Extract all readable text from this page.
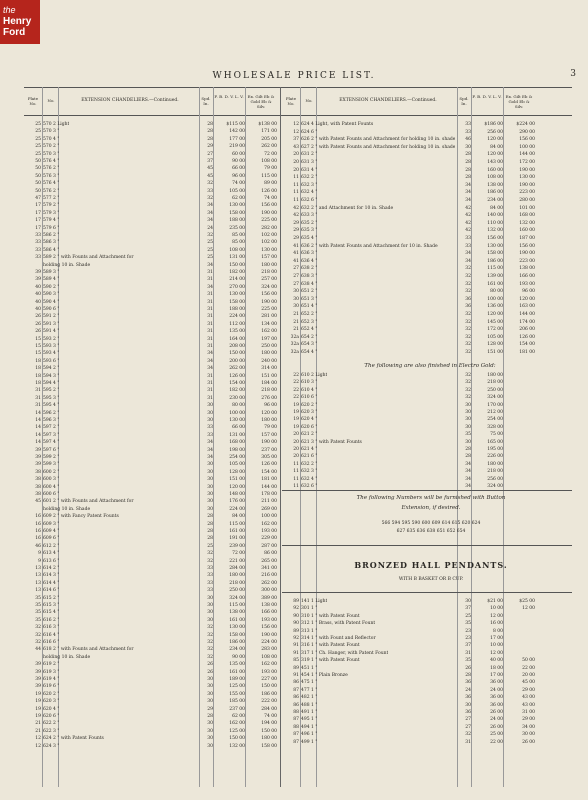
the
Henry
Ford
WHOLESALE PRICE LIST.	3
Plate No.
No.	EXTENSION CHANDELIERS.—Continued.	Spd. In.
F. B. D. V. L. V.	Ex. Gilt Eb & Gold Eb & Silv.
Plate No.
No.	EXTENSION CHANDELIERS.—Continued.	Spd. In.
F. B. D. V. L. V.	Ex. Gilt Eb & Gold Eb & Silv.
25 570 2 Light	28	$115 00	$138 00
25 570 3 "	28	142 00	171 00
25 570 4 "	28	177 00	205 00
25 570 2 "	29	219 00	262 00
25 570 3 "	27	60 00	72 00
50 576 4 "	37	90 00	108 00
50 576 2 "	45	66 00	79 00
50 576 3 "	45	96 00	115 00
50 576 4 "	32	74 00	89 00
50 576 2 "	33	105 00	126 00
47 577 2 "	32	62 00	74 00
17 579 2 "	34	130 00	156 00
17 579 3 "	34	158 00	190 00
17 579 4 "	34	188 00	225 00
17 579 6 "	24	235 00	282 00
33 586 2 "	32	85 00	102 00
33 586 3 "	25	85 00	102 00
33 586 4 "	25	108 00	130 00
33 589 2 " with Founts and Attachment for	25	131 00	157 00
holding 10 in. Shade	34	150 00	180 00
39 589 3 "	31	182 00	218 00
39 589 4 "	31	214 00	257 00
40 590 2 "	34	270 00	324 00
40 590 3 "	31	130 00	156 00
40 590 4 "	31	158 00	190 00
40 590 6 "	31	188 00	225 00
26 591 2 "	31	224 00	281 00
26 591 3 "	31	112 00	134 00
26 591 4 "	31	135 00	162 00
15 593 2 "	31	164 00	197 00
15 593 3 "	31	208 00	250 00
15 593 4 "	34	150 00	180 00
18 593 6 "	34	200 00	240 00
18 594 2 "	34	262 00	314 00
18 594 3 "	31	126 00	151 00
18 594 4 "	31	154 00	184 00
31 595 2 "	31	182 00	218 00
31 595 3 "	31	230 00	276 00
31 595 4 "	30	80 00	96 00
14 596 2 "	30	100 00	120 00
14 596 3 "	30	130 00	180 00
14 597 2 "	33	66 00	79 00
14 597 3 "	33	131 00	157 00
14 597 4 "	34	168 00	190 00
39 597 6 "	34	198 00	237 00
39 599 2 "	34	254 00	305 00
39 599 3 "	30	105 00	126 00
38 600 2 "	30	128 00	154 00
38 600 3 "	30	151 00	181 00
38 600 4 "	30	120 00	144 00
38 600 6 "	30	148 00	178 00
45 601 2 " with Founts and Attachment for	30	176 00	211 00
holding 10 in. Shade	30	224 00	269 00
16 609 2 " with Fancy Patent Founts	28	84 00	100 00
16 609 3 "	28	115 00	162 00
16 609 4 "	28	161 00	193 00
16 609 6 "	28	191 00	229 00
46 612 2 "	25	239 00	287 00
9 613 4 "	32	72 00	86 00
9 613 6 "	32	221 00	265 00
13 614 2 "	33	284 00	341 00
13 614 3 "	33	180 00	216 00
13 614 4 "	33	218 00	262 00
13 614 6 "	33	250 00	300 00
35 615 2 "	30	324 00	389 00
35 615 3 "	30	115 00	138 00
35 615 4 "	30	138 00	166 00
35 616 2 "	30	161 00	193 00
32 616 3 "	32	130 00	156 00
32 616 4 "	32	158 00	190 00
32 616 6 "	32	186 00	224 00
44 618 2 " with Founts and Attachment for	32	234 00	283 00
holding 10 in. Shade	32	90 00	108 00
39 619 2 "	26	135 00	162 00
39 619 3 "	26	161 00	193 00
39 619 4 "	30	189 00	227 00
39 619 6 "	30	125 00	150 00
19 620 2 "	30	155 00	186 00
19 620 3 "	30	185 00	222 00
19 620 4 "	29	237 00	284 00
19 620 6 "	28	62 00	74 00
21 622 2 "	30	162 00	194 00
21 622 3 "	30	125 00	150 00
12 624 2 " with Patent Founts	30	150 00	180 00
12 624 3 "	30	132 00	158 00
12 624 4 Light, with Patent Founts	33	$186 00	$224 00
12 624 6 "	33	256 00	290 00
37 626 2 " with Patent Founts and Attachment for holding 10 in. shade	46	120 00	156 00
43 627 2 " with Patent Founts and Attachment for holding 10 in. shade	30	84 00	100 00
20 631 2 "	28	120 00	144 00
20 631 3 "	28	143 00	172 00
20 631 4 "	28	160 00	190 00
11 632 2 "	28	108 00	130 00
11 632 3 "	34	138 00	190 00
11 632 4 "	34	186 00	223 00
11 632 6 "	34	234 00	280 00
42 632 2 " and Attachment for 10 in. Shade	42	84 00	101 00
42 633 3 "	42	140 00	168 00
29 635 2 "	42	110 00	132 00
29 635 3 "	42	132 00	160 00
29 635 4 "	33	156 00	187 00
41 636 2 " with Patent Founts and Attachment for 10 in. Shade	33	130 00	156 00
41 636 3 "	34	158 00	190 00
41 636 4 "	34	186 00	223 00
27 638 2 "	32	115 00	138 00
27 638 3 "	32	139 00	166 00
27 638 4 "	32	161 00	193 00
30 651 2 "	32	80 00	96 00
30 651 3 "	36	100 00	120 00
30 651 4 "	36	136 00	163 00
21 652 2 "	32	120 00	144 00
21 652 3 "	32	145 00	174 00
21 652 4 "	32	172 00	206 00
32a 654 2 "	32	105 00	126 00
32a 654 3 "	32	128 00	154 00
32a 654 4 "	32	151 00	181 00
The following are also finished in Electro Gold:
22 610 2 Light	32	180 00
22 610 3 "	32	218 00
22 610 4 "	32	250 00
22 610 6 "	32	324 00
19 620 2 "	30	170 00
19 620 3 "	30	212 00
19 620 4 "	30	254 00
19 620 6 "	30	328 00
20 621 2 "	35	75 00
20 621 3 " with Patent Founts	30	165 00
20 621 4 "	28	195 00
20 621 6 "	28	226 00
11 632 2 "	34	180 00
11 632 3 "	34	218 00
11 632 4 "	34	256 00
11 632 6 "	34	324 00
The following Numbers will be furnished with Button
Extension, if desired.
566 594 595 590 600 609 614 615 620 624
627 635 636 638 651 652 654
BRONZED HALL PENDANTS.
WITH B BASKET OR B CUP.
89 141 1 Light	30	$21 00	$25 00
92 301 1 "	37	10 00	12 00
90 310 1 " with Patent Fount	25	12 00
90 312 1 " Brass, with Patent Fount	35	16 00
89 313 1 "	23	8 00
92 314 1 " with Fount and Reflector	23	17 00
91 316 1 " with Patent Fount	37	10 00
91 317 1 " Ch. Hanger, with Patent Fount	31	12 00
85 319 1 " with Patent Fount	35	40 00	50 00
89 451 1 "	26	18 00	22 00
91 454 1 " Plain Bronze	28	17 00	20 00
86 475 1 "	36	36 00	45 00
87 477 1 "	24	24 00	29 00
86 482 1 "	36	36 00	43 00
86 488 1 "	30	36 00	43 00
88 491 1 "	36	26 00	31 00
87 495 1 "	27	24 00	29 00
88 494 1 "	27	26 00	34 00
87 496 1 "	32	25 00	30 00
87 499 1 "	31	22 00	26 00
